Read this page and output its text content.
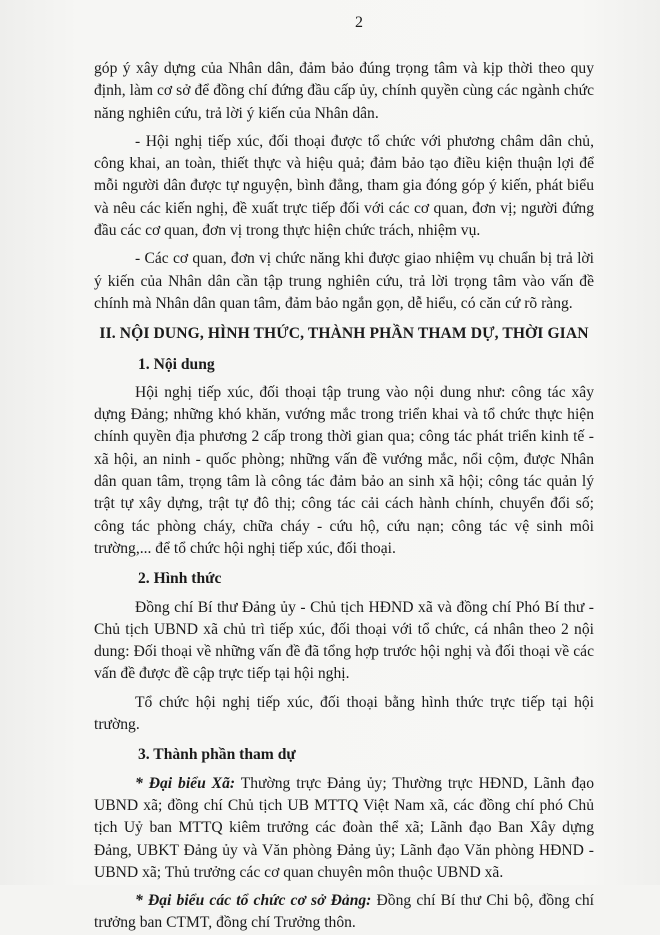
2

góp ý xây dựng của Nhân dân, đảm bảo đúng trọng tâm và kịp thời theo quy định, làm cơ sở để đồng chí đứng đầu cấp ủy, chính quyền cùng các ngành chức năng nghiên cứu, trả lời ý kiến của Nhân dân.

- Hội nghị tiếp xúc, đối thoại được tổ chức với phương châm dân chủ, công khai, an toàn, thiết thực và hiệu quả; đảm bảo tạo điều kiện thuận lợi để mỗi người dân được tự nguyện, bình đẳng, tham gia đóng góp ý kiến, phát biểu và nêu các kiến nghị, đề xuất trực tiếp đối với các cơ quan, đơn vị; người đứng đầu các cơ quan, đơn vị trong thực hiện chức trách, nhiệm vụ.

- Các cơ quan, đơn vị chức năng khi được giao nhiệm vụ chuẩn bị trả lời ý kiến của Nhân dân cần tập trung nghiên cứu, trả lời trọng tâm vào vấn đề chính mà Nhân dân quan tâm, đảm bảo ngắn gọn, dễ hiểu, có căn cứ rõ ràng.

II. NỘI DUNG, HÌNH THỨC, THÀNH PHẦN THAM DỰ, THỜI GIAN

1. Nội dung

Hội nghị tiếp xúc, đối thoại tập trung vào nội dung như: công tác xây dựng Đảng; những khó khăn, vướng mắc trong triển khai và tổ chức thực hiện chính quyền địa phương 2 cấp trong thời gian qua; công tác phát triển kinh tế - xã hội, an ninh - quốc phòng; những vấn đề vướng mắc, nổi cộm, được Nhân dân quan tâm, trọng tâm là công tác đảm bảo an sinh xã hội; công tác quản lý trật tự xây dựng, trật tự đô thị; công tác cải cách hành chính, chuyển đổi số; công tác phòng cháy, chữa cháy - cứu hộ, cứu nạn; công tác vệ sinh môi trường,... để tổ chức hội nghị tiếp xúc, đối thoại.

2. Hình thức

Đồng chí Bí thư Đảng ủy - Chủ tịch HĐND xã và đồng chí Phó Bí thư - Chủ tịch UBND xã chủ trì tiếp xúc, đối thoại với tổ chức, cá nhân theo 2 nội dung: Đối thoại về những vấn đề đã tổng hợp trước hội nghị và đối thoại về các vấn đề được đề cập trực tiếp tại hội nghị.

Tổ chức hội nghị tiếp xúc, đối thoại bằng hình thức trực tiếp tại hội trường.

3. Thành phần tham dự

* Đại biểu Xã: Thường trực Đảng ủy; Thường trực HĐND, Lãnh đạo UBND xã; đồng chí Chủ tịch UB MTTQ Việt Nam xã, các đồng chí phó Chủ tịch Uỷ ban MTTQ kiêm trưởng các đoàn thể xã; Lãnh đạo Ban Xây dựng Đảng, UBKT Đảng ủy và Văn phòng Đảng ủy; Lãnh đạo Văn phòng HĐND - UBND xã; Thủ trưởng các cơ quan chuyên môn thuộc UBND xã.

* Đại biểu các tổ chức cơ sở Đảng: Đồng chí Bí thư Chi bộ, đồng chí trưởng ban CTMT, đồng chí Trưởng thôn.
